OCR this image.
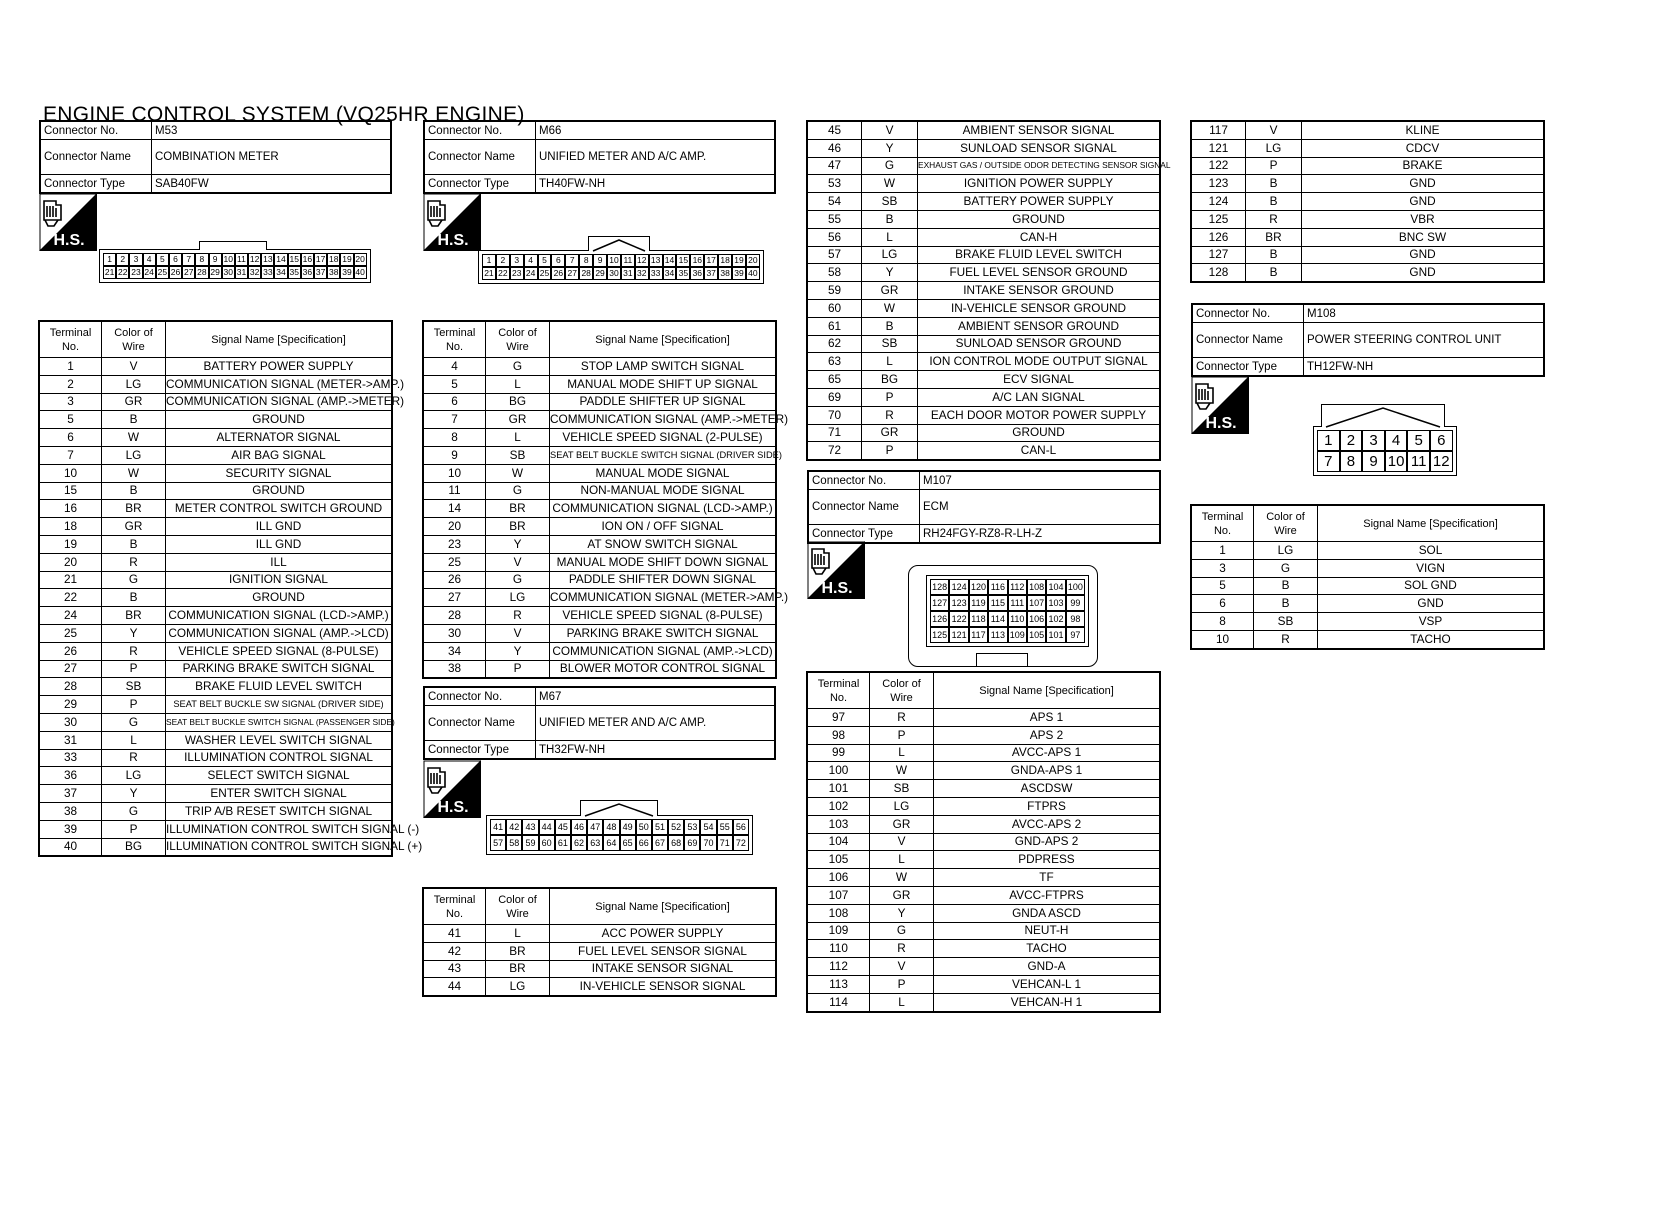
ENGINE CONTROL SYSTEM (VQ25HR ENGINE)
Connector No.	M53
Connector Name	COMBINATION METER
Connector Type	SAB40FW
H.S.
1 2 3 4 5 6 7 8 9 10 11 12 13 14 15 16 17 18 19 20
21 22 23 24 25 26 27 28 29 30 31 32 33 34 35 36 37 38 39 40
Terminal No.	Color of Wire	Signal Name [Specification]
1	V	BATTERY POWER SUPPLY
2	LG	COMMUNICATION SIGNAL (METER->AMP.)
3	GR	COMMUNICATION SIGNAL (AMP.->METER)
5	B	GROUND
6	W	ALTERNATOR SIGNAL
7	LG	AIR BAG SIGNAL
10	W	SECURITY SIGNAL
15	B	GROUND
16	BR	METER CONTROL SWITCH GROUND
18	GR	ILL GND
19	B	ILL GND
20	R	ILL
21	G	IGNITION SIGNAL
22	B	GROUND
24	BR	COMMUNICATION SIGNAL (LCD->AMP.)
25	Y	COMMUNICATION SIGNAL (AMP.->LCD)
26	R	VEHICLE SPEED SIGNAL (8-PULSE)
27	P	PARKING BRAKE SWITCH SIGNAL
28	SB	BRAKE FLUID LEVEL SWITCH
29	P	SEAT BELT BUCKLE SW SIGNAL (DRIVER SIDE)
30	G	SEAT BELT BUCKLE SWITCH SIGNAL (PASSENGER SIDE)
31	L	WASHER LEVEL SWITCH SIGNAL
33	R	ILLUMINATION CONTROL SIGNAL
36	LG	SELECT SWITCH SIGNAL
37	Y	ENTER SWITCH SIGNAL
38	G	TRIP A/B RESET SWITCH SIGNAL
39	P	ILLUMINATION CONTROL SWITCH SIGNAL (-)
40	BG	ILLUMINATION CONTROL SWITCH SIGNAL (+)
Connector No.	M66
Connector Name	UNIFIED METER AND A/C AMP.
Connector Type	TH40FW-NH
H.S.
1	2	3	4	5	6	7	8	9 10 11 12 13 14 15 16 17 18 19 20
21 22 23 24 25 26 27 28 29 30 31 32 33 34 35 36 37 38 39 40
Terminal No.	Color of Wire	Signal Name [Specification]
4	G	STOP LAMP SWITCH SIGNAL
5	L	MANUAL MODE SHIFT UP SIGNAL
6	BG	PADDLE SHIFTER UP SIGNAL
7	GR	COMMUNICATION SIGNAL (AMP.->METER)
8	L	VEHICLE SPEED SIGNAL (2-PULSE)
9	SB	SEAT BELT BUCKLE SWITCH SIGNAL (DRIVER SIDE)
10	W	MANUAL MODE SIGNAL
11	G	NON-MANUAL MODE SIGNAL
14	BR	COMMUNICATION SIGNAL (LCD->AMP.)
20	BR	ION ON / OFF SIGNAL
23	Y	AT SNOW SWITCH SIGNAL
25	V	MANUAL MODE SHIFT DOWN SIGNAL
26	G	PADDLE SHIFTER DOWN SIGNAL
27	LG	COMMUNICATION SIGNAL (METER->AMP.)
28	R	VEHICLE SPEED SIGNAL (8-PULSE)
30	V	PARKING BRAKE SWITCH SIGNAL
34	Y	COMMUNICATION SIGNAL (AMP.->LCD)
38	P	BLOWER MOTOR CONTROL SIGNAL
Connector No.	M67
Connector Name	UNIFIED METER AND A/C AMP.
Connector Type	TH32FW-NH
H.S.
41 42 43 44 45 46 47 48 49 50 51 52 53 54 55 56
57 58 59 60 61 62 63 64 65 66 67 68 69 70 71 72
Terminal No.	Color of Wire	Signal Name [Specification]
41	L	ACC POWER SUPPLY
42	BR	FUEL LEVEL SENSOR SIGNAL
43	BR	INTAKE SENSOR SIGNAL
44	LG	IN-VEHICLE SENSOR SIGNAL
45	V	AMBIENT SENSOR SIGNAL
46	Y	SUNLOAD SENSOR SIGNAL
47	G	EXHAUST GAS / OUTSIDE ODOR DETECTING SENSOR SIGNAL
53	W	IGNITION POWER SUPPLY
54	SB	BATTERY POWER SUPPLY
55	B	GROUND
56	L	CAN-H
57	LG	BRAKE FLUID LEVEL SWITCH
58	Y	FUEL LEVEL SENSOR GROUND
59	GR	INTAKE SENSOR GROUND
60	W	IN-VEHICLE SENSOR GROUND
61	B	AMBIENT SENSOR GROUND
62	SB	SUNLOAD SENSOR GROUND
63	L	ION CONTROL MODE OUTPUT SIGNAL
65	BG	ECV SIGNAL
69	P	A/C LAN SIGNAL
70	R	EACH DOOR MOTOR POWER SUPPLY
71	GR	GROUND
72	P	CAN-L
Connector No.	M107
Connector Name	ECM
Connector Type	RH24FGY-RZ8-R-LH-Z
H.S.	128 124 120 116 112 108 104 100
127 123 119 115 111 107 103 99
126 122 118 114 110 106 102 98
125 121 117 113 109 105 101 97
Terminal No.	Color of Wire	Signal Name [Specification]
97	R	APS 1
98	P	APS 2
99	L	AVCC-APS 1
100	W	GNDA-APS 1
101	SB	ASCDSW
102	LG	FTPRS
103	GR	AVCC-APS 2
104	V	GND-APS 2
105	L	PDPRESS
106	W	TF
107	GR	AVCC-FTPRS
108	Y	GNDA ASCD
109	G	NEUT-H
110	R	TACHO
112	V	GND-A
113	P	VEHCAN-L 1
114	L	VEHCAN-H 1
117	V	KLINE
121	LG	CDCV
122	P	BRAKE
123	B	GND
124	B	GND
125	R	VBR
126	BR	BNC SW
127	B	GND
128	B	GND
Connector No.	M108
Connector Name	POWER STEERING CONTROL UNIT
Connector Type	TH12FW-NH
H.S.
1 2 3 4 5 6
7 8 9 10 11 12
Terminal No.	Color of Wire	Signal Name [Specification]
1	LG	SOL
3	G	VIGN
5	B	SOL GND
6	B	GND
8	SB	VSP
10	R	TACHO
